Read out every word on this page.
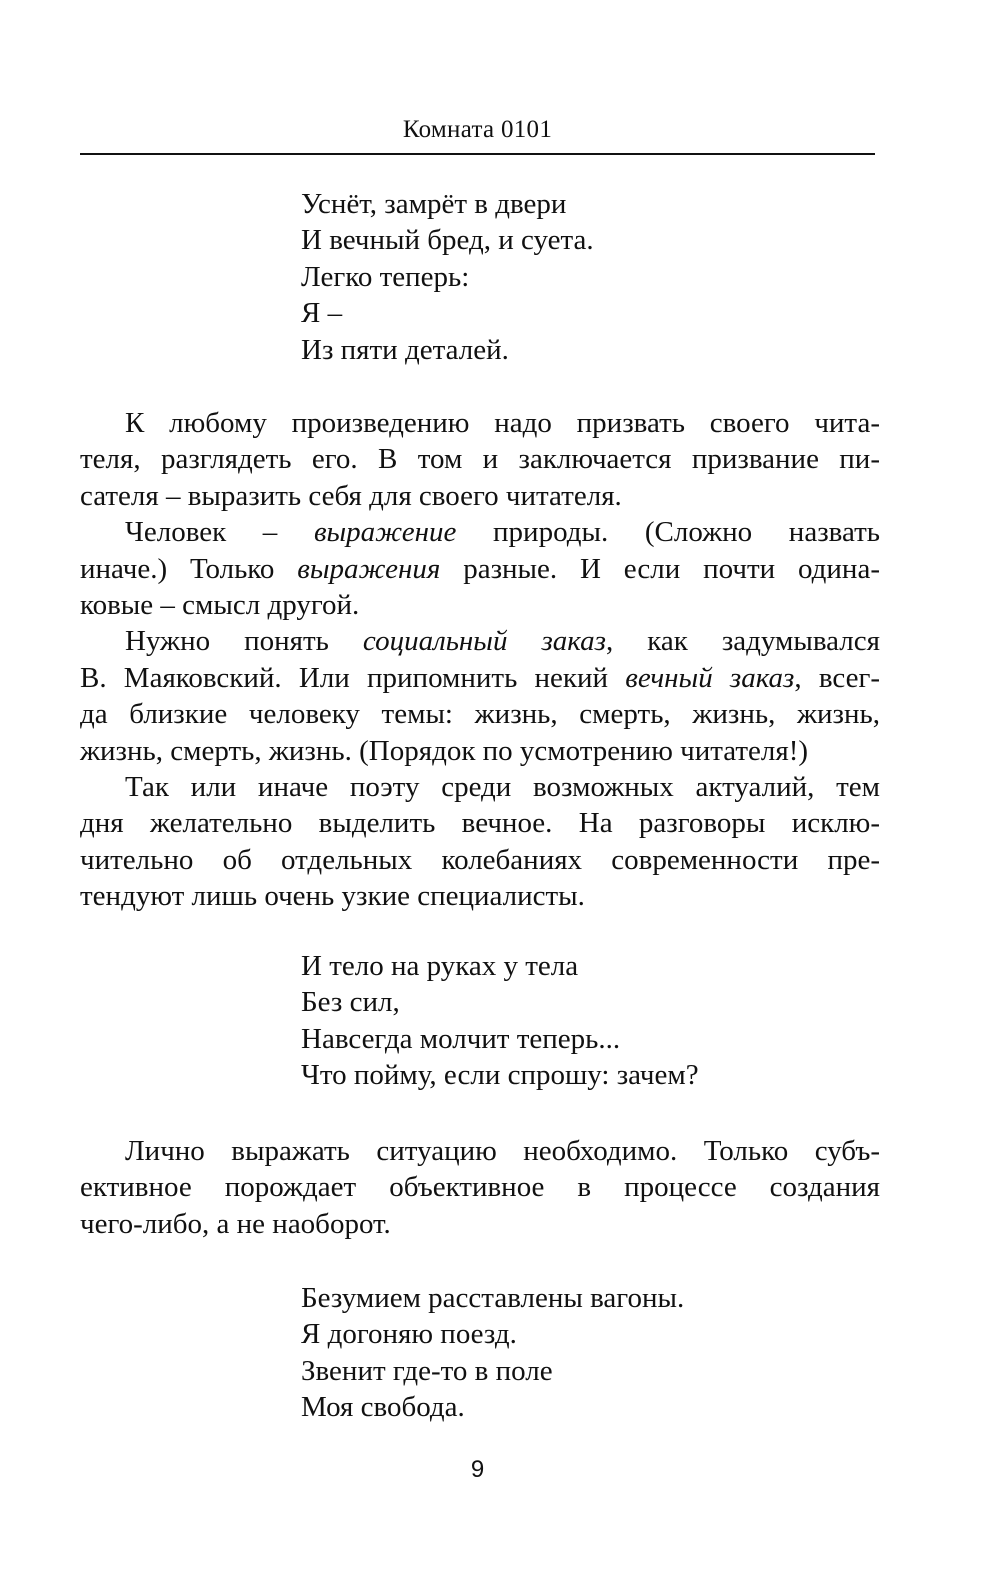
Комната 0101
Уснёт, замрёт в двери
И вечный бред, и суета.
Легко теперь:
Я –
Из пяти деталей.
К любому произведению надо призвать своего чита-
теля, разглядеть его. В том и заключается призвание пи-
сателя – выразить себя для своего читателя.
Человек – выражение природы. (Сложно назвать
иначе.) Только выражения разные. И если почти одина-
ковые – смысл другой.
Нужно понять социальный заказ, как задумывался
В. Маяковский. Или припомнить некий вечный заказ, всег-
да близкие человеку темы: жизнь, смерть, жизнь, жизнь,
жизнь, смерть, жизнь. (Порядок по усмотрению читателя!)
Так или иначе поэту среди возможных актуалий, тем
дня желательно выделить вечное. На разговоры исклю-
чительно об отдельных колебаниях современности пре-
тендуют лишь очень узкие специалисты.
И тело на руках у тела
Без сил,
Навсегда молчит теперь...
Что пойму, если спрошу: зачем?
Лично выражать ситуацию необходимо. Только субъ-
ективное порождает объективное в процессе создания
чего-либо, а не наоборот.
Безумием расставлены вагоны.
Я догоняю поезд.
Звенит где-то в поле
Моя свобода.
9
